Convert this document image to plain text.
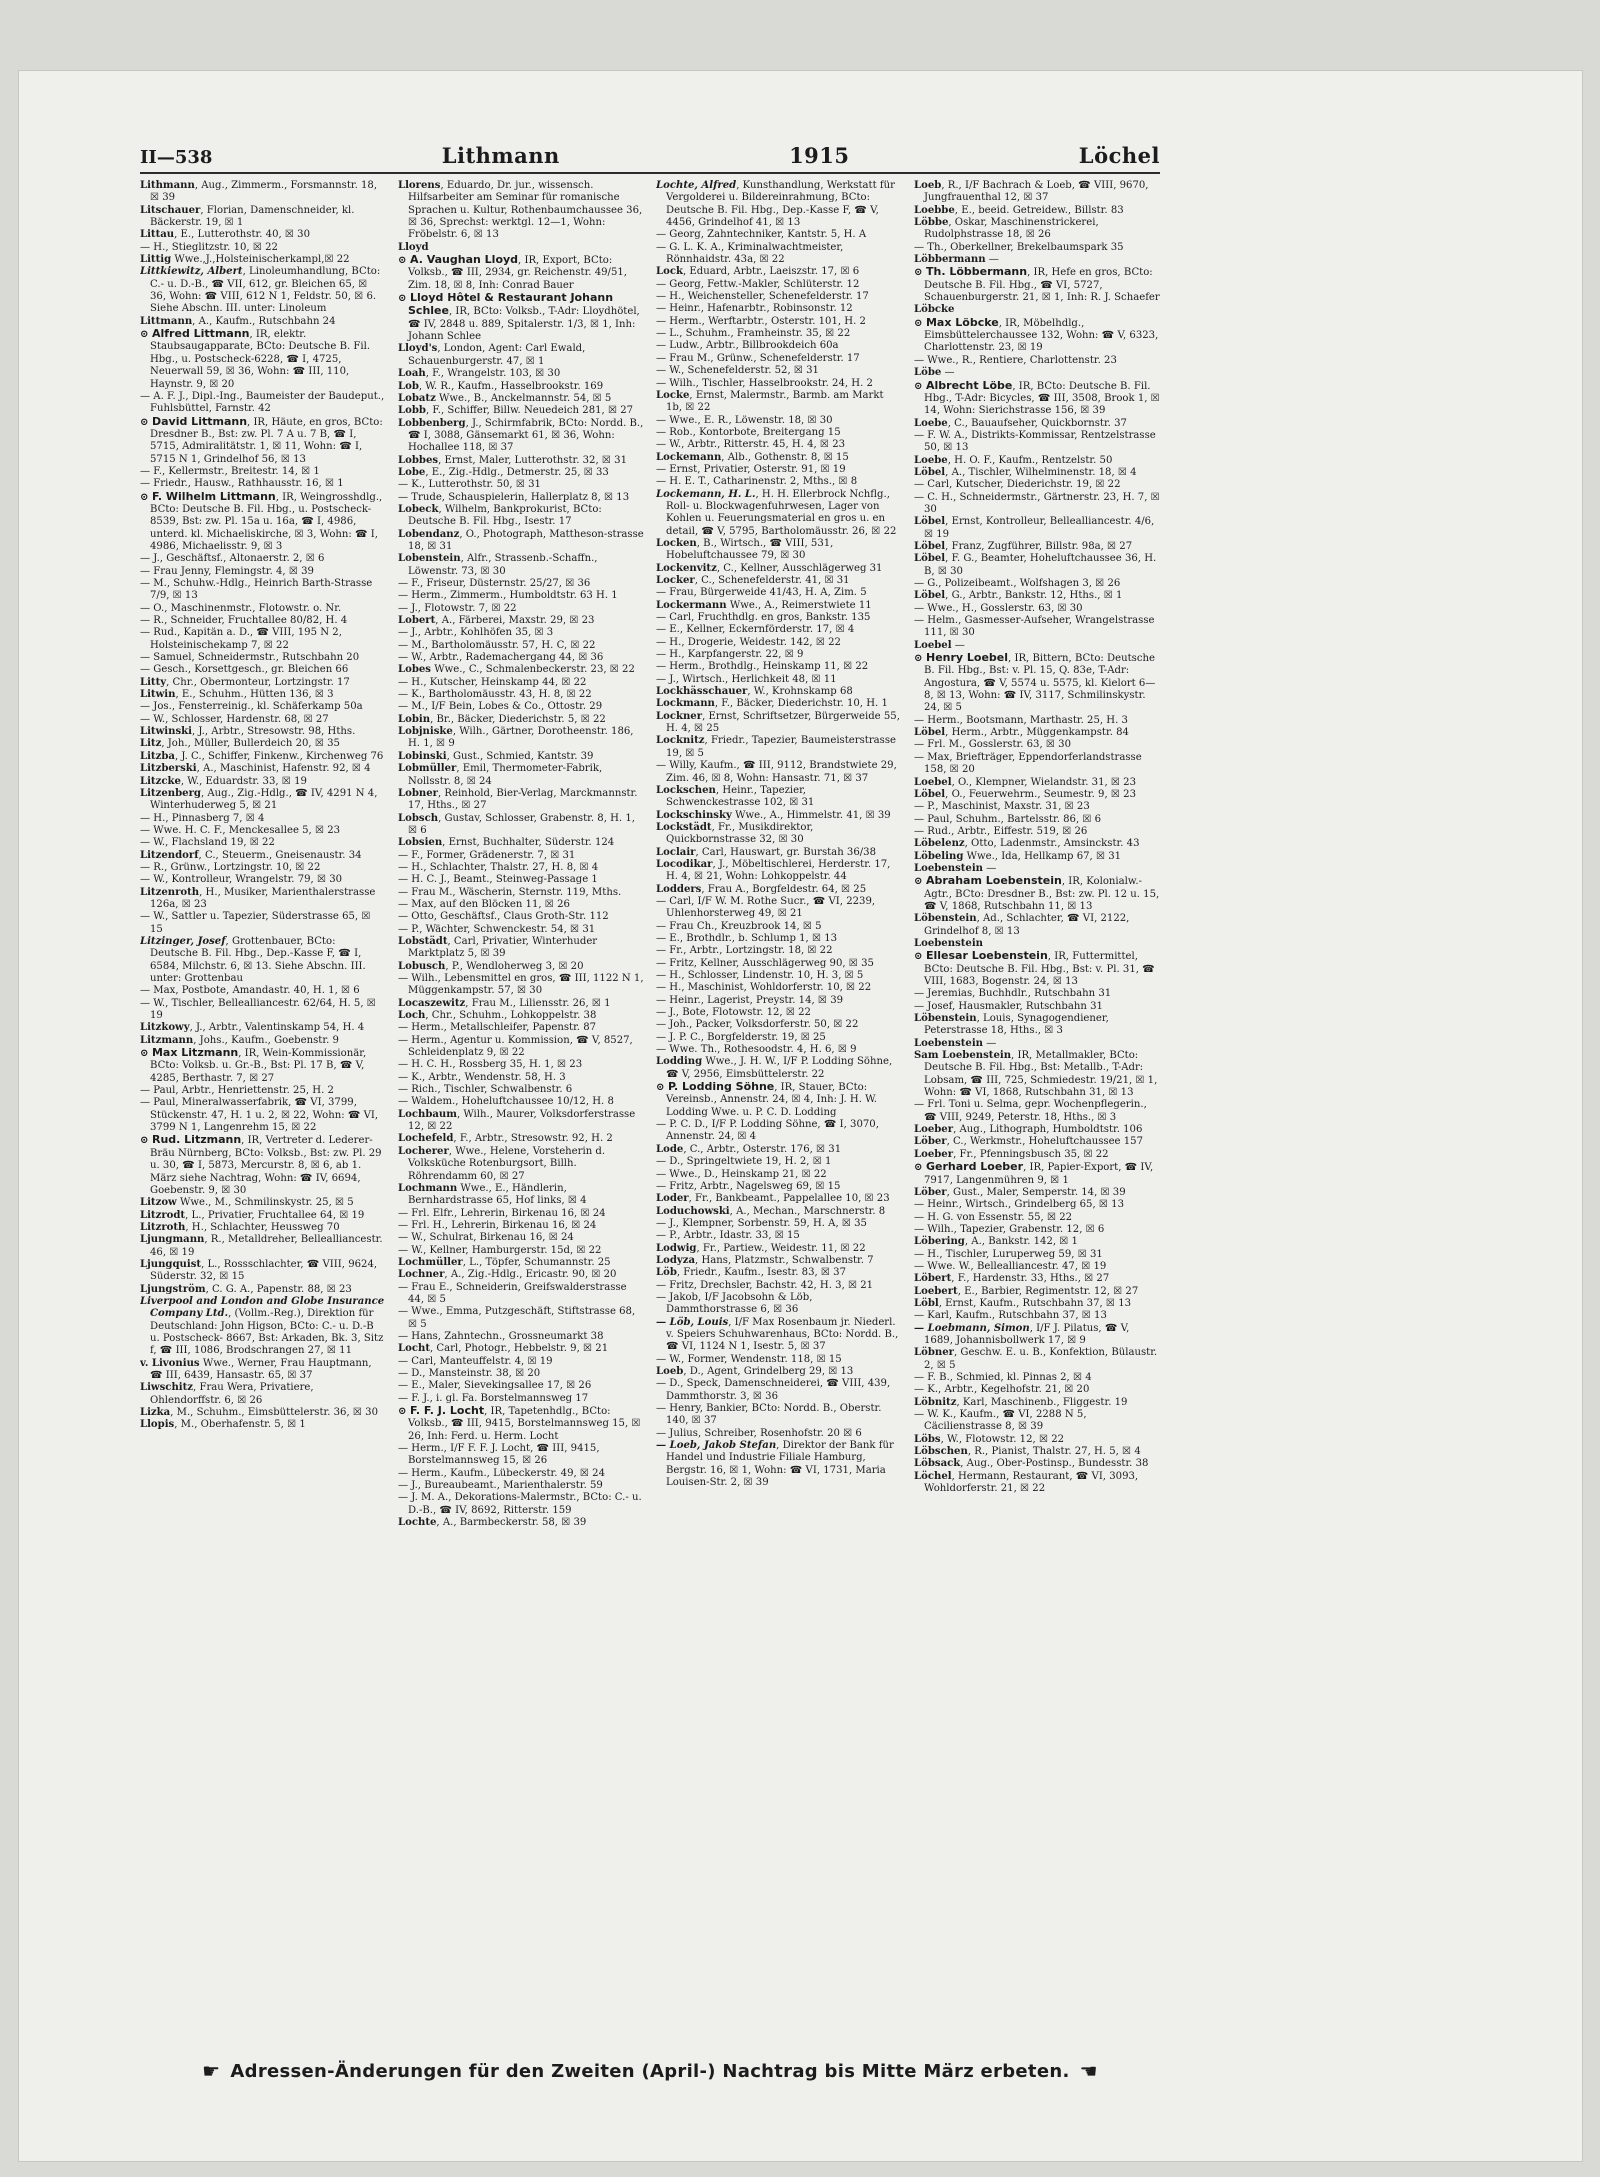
II—538	Lithmann	1915	Löchel

Lithmann, Aug., Zimmerm., Forsmannstr. 18, ☒ 39

Litschauer, Florian, Damenschneider, kl. Bäckerstr. 19, ☒ 1

Littau, E., Lutterothstr. 40, ☒ 30

— H., Stieglitzstr. 10, ☒ 22

Littig Wwe.,J.,Holsteinischerkampl,☒ 22

Littkiewitz, Albert, Linoleumhandlung, BCto: C.- u. D.-B., ☎ VII, 612, gr. Bleichen 65, ☒ 36, Wohn: ☎ VIII, 612 N 1, Feldstr. 50, ☒ 6. Siehe Abschn. III. unter: Linoleum

Littmann, A., Kaufm., Rutschbahn 24

⊙ Alfred Littmann, IR, elektr. Staubsaugapparate, BCto: Deutsche B. Fil. Hbg., u. Postscheck-6228, ☎ I, 4725, Neuerwall 59, ☒ 36, Wohn: ☎ III, 110, Haynstr. 9, ☒ 20

— A. F. J., Dipl.-Ing., Baumeister der Baudeput., Fuhlsbüttel, Farnstr. 42

⊙ David Littmann, IR, Häute, en gros, BCto: Dresdner B., Bst: zw. Pl. 7 A u. 7 B, ☎ I, 5715, Admiralitätstr. 1, ☒ 11, Wohn: ☎ I, 5715 N 1, Grindelhof 56, ☒ 13

— F., Kellermstr., Breitestr. 14, ☒ 1

— Friedr., Hausw., Rathhausstr. 16, ☒ 1

⊙ F. Wilhelm Littmann, IR, Weingrosshdlg., BCto: Deutsche B. Fil. Hbg., u. Postscheck- 8539, Bst: zw. Pl. 15a u. 16a, ☎ I, 4986, unterd. kl. Michaeliskirche, ☒ 3, Wohn: ☎ I, 4986, Michaelisstr. 9, ☒ 3

— J., Geschäftsf., Altonaerstr. 2, ☒ 6

— Frau Jenny, Flemingstr. 4, ☒ 39

— M., Schuhw.-Hdlg., Heinrich Barth-Strasse 7/9, ☒ 13

— O., Maschinenmstr., Flotowstr. o. Nr.

— R., Schneider, Fruchtallee 80/82, H. 4

— Rud., Kapitän a. D., ☎ VIII, 195 N 2, Holsteinischekamp 7, ☒ 22

— Samuel, Schneidermstr., Rutschbahn 20

— Gesch., Korsettgesch., gr. Bleichen 66

Litty, Chr., Obermonteur, Lortzingstr. 17

Litwin, E., Schuhm., Hütten 136, ☒ 3

— Jos., Fensterreinig., kl. Schäferkamp 50a

— W., Schlosser, Hardenstr. 68, ☒ 27

Litwinski, J., Arbtr., Stresowstr. 98, Hths.

Litz, Joh., Müller, Bullerdeich 20, ☒ 35

Litzba, J. C., Schiffer, Finkenw., Kirchenweg 76

Litzberski, A., Maschinist, Hafenstr. 92, ☒ 4

Litzcke, W., Eduardstr. 33, ☒ 19

Litzenberg, Aug., Zig.-Hdlg., ☎ IV, 4291 N 4, Winterhuderweg 5, ☒ 21

— H., Pinnasberg 7, ☒ 4

— Wwe. H. C. F., Menckesallee 5, ☒ 23

— W., Flachsland 19, ☒ 22

Litzendorf, C., Steuerm., Gneisenaustr. 34

— R., Grünw., Lortzingstr. 10, ☒ 22

— W., Kontrolleur, Wrangelstr. 79, ☒ 30

Litzenroth, H., Musiker, Marienthalerstrasse 126a, ☒ 23

— W., Sattler u. Tapezier, Süderstrasse 65, ☒ 15

Litzinger, Josef, Grottenbauer, BCto: Deutsche B. Fil. Hbg., Dep.-Kasse F, ☎ I, 6584, Milchstr. 6, ☒ 13. Siehe Abschn. III. unter: Grottenbau

— Max, Postbote, Amandastr. 40, H. 1, ☒ 6

— W., Tischler, Bellealliancestr. 62/64, H. 5, ☒ 19

Litzkowy, J., Arbtr., Valentinskamp 54, H. 4

Litzmann, Johs., Kaufm., Goebenstr. 9

⊙ Max Litzmann, IR, Wein-Kommissionär, BCto: Volksb. u. Gr.-B., Bst: Pl. 17 B, ☎ V, 4285, Berthastr. 7, ☒ 27

— Paul, Arbtr., Henriettenstr. 25, H. 2

— Paul, Mineralwasserfabrik, ☎ VI, 3799, Stückenstr. 47, H. 1 u. 2, ☒ 22, Wohn: ☎ VI, 3799 N 1, Langenrehm 15, ☒ 22

⊙ Rud. Litzmann, IR, Vertreter d. Lederer-Bräu Nürnberg, BCto: Volksb., Bst: zw. Pl. 29 u. 30, ☎ I, 5873, Mercurstr. 8, ☒ 6, ab 1. März siehe Nachtrag, Wohn: ☎ IV, 6694, Goebenstr. 9, ☒ 30

Litzow Wwe., M., Schmilinskystr. 25, ☒ 5

Litzrodt, L., Privatier, Fruchtallee 64, ☒ 19

Litzroth, H., Schlachter, Heussweg 70

Ljungmann, R., Metalldreher, Bellealliancestr. 46, ☒ 19

Ljungquist, L., Rossschlachter, ☎ VIII, 9624, Süderstr. 32, ☒ 15

Ljungström, C. G. A., Papenstr. 88, ☒ 23

Liverpool and London and Globe Insurance Company Ltd., (Vollm.-Reg.), Direktion für Deutschland: John Higson, BCto: C.- u. D.-B u. Postscheck- 8667, Bst: Arkaden, Bk. 3, Sitz f, ☎ III, 1086, Brodschrangen 27, ☒ 11

v. Livonius Wwe., Werner, Frau Hauptmann, ☎ III, 6439, Hansastr. 65, ☒ 37

Liwschitz, Frau Wera, Privatiere, Ohlendorffstr. 6, ☒ 26

Lizka, M., Schuhm., Eimsbüttelerstr. 36, ☒ 30

Llopis, M., Oberhafenstr. 5, ☒ 1

Llorens, Eduardo, Dr. jur., wissensch. Hilfsarbeiter am Seminar für romanische Sprachen u. Kultur, Rothenbaumchaussee 36, ☒ 36, Sprechst: werktgl. 12—1, Wohn: Fröbelstr. 6, ☒ 13

Lloyd

⊙ A. Vaughan Lloyd, IR, Export, BCto: Volksb., ☎ III, 2934, gr. Reichenstr. 49/51, Zim. 18, ☒ 8, Inh: Conrad Bauer

⊙ Lloyd Hôtel & Restaurant Johann Schlee, IR, BCto: Volksb., T-Adr: Lloydhötel, ☎ IV, 2848 u. 889, Spitalerstr. 1/3, ☒ 1, Inh: Johann Schlee

Lloyd's, London, Agent: Carl Ewald, Schauenburgerstr. 47, ☒ 1

Loah, F., Wrangelstr. 103, ☒ 30

Lob, W. R., Kaufm., Hasselbrookstr. 169

Lobatz Wwe., B., Anckelmannstr. 54, ☒ 5

Lobb, F., Schiffer, Billw. Neuedeich 281, ☒ 27

Lobbenberg, J., Schirmfabrik, BCto: Nordd. B., ☎ I, 3088, Gänsemarkt 61, ☒ 36, Wohn: Hochallee 118, ☒ 37

Lobbes, Ernst, Maler, Lutterothstr. 32, ☒ 31

Lobe, E., Zig.-Hdlg., Detmerstr. 25, ☒ 33

— K., Lutterothstr. 50, ☒ 31

— Trude, Schauspielerin, Hallerplatz 8, ☒ 13

Lobeck, Wilhelm, Bankprokurist, BCto: Deutsche B. Fil. Hbg., Isestr. 17

Lobendanz, O., Photograph, Mattheson-strasse 18, ☒ 31

Lobenstein, Alfr., Strassenb.-Schaffn., Löwenstr. 73, ☒ 30

— F., Friseur, Düsternstr. 25/27, ☒ 36

— Herm., Zimmerm., Humboldtstr. 63 H. 1

— J., Flotowstr. 7, ☒ 22

Lobert, A., Färberei, Maxstr. 29, ☒ 23

— J., Arbtr., Kohlhöfen 35, ☒ 3

— M., Bartholomäusstr. 57, H. C, ☒ 22

— W., Arbtr., Rademachergang 44, ☒ 36

Lobes Wwe., C., Schmalenbeckerstr. 23, ☒ 22

— H., Kutscher, Heinskamp 44, ☒ 22

— K., Bartholomäusstr. 43, H. 8, ☒ 22

— M., I/F Bein, Lobes & Co., Ottostr. 29

Lobin, Br., Bäcker, Diederichstr. 5, ☒ 22

Lobjniske, Wilh., Gärtner, Dorotheenstr. 186, H. 1, ☒ 9

Lobinski, Gust., Schmied, Kantstr. 39

Lobmüller, Emil, Thermometer-Fabrik, Nollsstr. 8, ☒ 24

Lobner, Reinhold, Bier-Verlag, Marckmannstr. 17, Hths., ☒ 27

Lobsch, Gustav, Schlosser, Grabenstr. 8, H. 1, ☒ 6

Lobsien, Ernst, Buchhalter, Süderstr. 124

— F., Former, Grädenerstr. 7, ☒ 31

— H., Schlachter, Thalstr. 27, H. 8, ☒ 4

— H. C. J., Beamt., Steinweg-Passage 1

— Frau M., Wäscherin, Sternstr. 119, Mths.

— Max, auf den Blöcken 11, ☒ 26

— Otto, Geschäftsf., Claus Groth-Str. 112

— P., Wächter, Schwenckestr. 54, ☒ 31

Lobstädt, Carl, Privatier, Winterhuder Marktplatz 5, ☒ 39

Lobusch, P., Wendloherweg 3, ☒ 20

— Wilh., Lebensmittel en gros, ☎ III, 1122 N 1, Müggenkampstr. 57, ☒ 30

Locaszewitz, Frau M., Liliensstr. 26, ☒ 1

Loch, Chr., Schuhm., Lohkoppelstr. 38

— Herm., Metallschleifer, Papenstr. 87

— Herm., Agentur u. Kommission, ☎ V, 8527, Schleidenplatz 9, ☒ 22

— H. C. H., Rossberg 35, H. 1, ☒ 23

— K., Arbtr., Wendenstr. 58, H. 3

— Rich., Tischler, Schwalbenstr. 6

— Waldem., Hoheluftchaussee 10/12, H. 8

Lochbaum, Wilh., Maurer, Volksdorferstrasse 12, ☒ 22

Lochefeld, F., Arbtr., Stresowstr. 92, H. 2

Locherer, Wwe., Helene, Vorsteherin d. Volksküche Rotenburgsort, Billh. Röhrendamm 60, ☒ 27

Lochmann Wwe., E., Händlerin, Bernhardstrasse 65, Hof links, ☒ 4

— Frl. Elfr., Lehrerin, Birkenau 16, ☒ 24

— Frl. H., Lehrerin, Birkenau 16, ☒ 24

— W., Schulrat, Birkenau 16, ☒ 24

— W., Kellner, Hamburgerstr. 15d, ☒ 22

Lochmüller, L., Töpfer, Schumannstr. 25

Lochner, A., Zig.-Hdlg., Ericastr. 90, ☒ 20

— Frau E., Schneiderin, Greifswalderstrasse 44, ☒ 5

— Wwe., Emma, Putzgeschäft, Stiftstrasse 68, ☒ 5

— Hans, Zahntechn., Grossneumarkt 38

Locht, Carl, Photogr., Hebbelstr. 9, ☒ 21

— Carl, Manteuffelstr. 4, ☒ 19

— D., Mansteinstr. 38, ☒ 20

— E., Maler, Sievekingsallee 17, ☒ 26

— F. J., i. gl. Fa. Borstelmannsweg 17

⊙ F. F. J. Locht, IR, Tapetenhdlg., BCto: Volksb., ☎ III, 9415, Borstelmannsweg 15, ☒ 26, Inh: Ferd. u. Herm. Locht

— Herm., I/F F. F. J. Locht, ☎ III, 9415, Borstelmannsweg 15, ☒ 26

— Herm., Kaufm., Lübeckerstr. 49, ☒ 24

— J., Bureaubeamt., Marienthalerstr. 59

— J. M. A., Dekorations-Malermstr., BCto: C.- u. D.-B., ☎ IV, 8692, Ritterstr. 159

Lochte, A., Barmbeckerstr. 58, ☒ 39

Lochte, Alfred, Kunsthandlung, Werkstatt für Vergolderei u. Bildereinrahmung, BCto: Deutsche B. Fil. Hbg., Dep.-Kasse F, ☎ V, 4456, Grindelhof 41, ☒ 13

— Georg, Zahntechniker, Kantstr. 5, H. A

— G. L. K. A., Kriminalwachtmeister, Rönnhaidstr. 43a, ☒ 22

Lock, Eduard, Arbtr., Laeiszstr. 17, ☒ 6

— Georg, Fettw.-Makler, Schlüterstr. 12

— H., Weichensteller, Schenefelderstr. 17

— Heinr., Hafenarbtr., Robinsonstr. 12

— Herm., Werftarbtr., Osterstr. 101, H. 2

— L., Schuhm., Framheinstr. 35, ☒ 22

— Ludw., Arbtr., Billbrookdeich 60a

— Frau M., Grünw., Schenefelderstr. 17

— W., Schenefelderstr. 52, ☒ 31

— Wilh., Tischler, Hasselbrookstr. 24, H. 2

Locke, Ernst, Malermstr., Barmb. am Markt 1b, ☒ 22

— Wwe., E. R., Löwenstr. 18, ☒ 30

— Rob., Kontorbote, Breitergang 15

— W., Arbtr., Ritterstr. 45, H. 4, ☒ 23

Lockemann, Alb., Gothenstr. 8, ☒ 15

— Ernst, Privatier, Osterstr. 91, ☒ 19

— H. E. T., Catharinenstr. 2, Mths., ☒ 8

Lockemann, H. L., H. H. Ellerbrock Nchflg., Roll- u. Blockwagenfuhrwesen, Lager von Kohlen u. Feuerungsmaterial en gros u. en detail, ☎ V, 5795, Bartholomäusstr. 26, ☒ 22

Locken, B., Wirtsch., ☎ VIII, 531, Hobeluftchaussee 79, ☒ 30

Lockenvitz, C., Kellner, Ausschlägerweg 31

Locker, C., Schenefelderstr. 41, ☒ 31

— Frau, Bürgerweide 41/43, H. A, Zim. 5

Lockermann Wwe., A., Reimerstwiete 11

— Carl, Fruchthdlg. en gros, Bankstr. 135

— E., Kellner, Eckernförderstr. 17, ☒ 4

— H., Drogerie, Weidestr. 142, ☒ 22

— H., Karpfangerstr. 22, ☒ 9

— Herm., Brothdlg., Heinskamp 11, ☒ 22

— J., Wirtsch., Herlichkeit 48, ☒ 11

Lockhässchauer, W., Krohnskamp 68

Lockmann, F., Bäcker, Diederichstr. 10, H. 1

Lockner, Ernst, Schriftsetzer, Bürgerweide 55, H. 4, ☒ 25

Locknitz, Friedr., Tapezier, Baumeisterstrasse 19, ☒ 5

— Willy, Kaufm., ☎ III, 9112, Brandstwiete 29, Zim. 46, ☒ 8, Wohn: Hansastr. 71, ☒ 37

Lockschen, Heinr., Tapezier, Schwenckestrasse 102, ☒ 31

Lockschinsky Wwe., A., Himmelstr. 41, ☒ 39

Lockstädt, Fr., Musikdirektor, Quickbornstrasse 32, ☒ 30

Loclair, Carl, Hauswart, gr. Burstah 36/38

Locodikar, J., Möbeltischlerei, Herderstr. 17, H. 4, ☒ 21, Wohn: Lohkoppelstr. 44

Lodders, Frau A., Borgfeldestr. 64, ☒ 25

— Carl, I/F W. M. Rothe Sucr., ☎ VI, 2239, Uhlenhorsterweg 49, ☒ 21

— Frau Ch., Kreuzbrook 14, ☒ 5

— E., Brothdlr., b. Schlump 1, ☒ 13

— Fr., Arbtr., Lortzingstr. 18, ☒ 22

— Fritz, Kellner, Ausschlägerweg 90, ☒ 35

— H., Schlosser, Lindenstr. 10, H. 3, ☒ 5

— H., Maschinist, Wohldorferstr. 10, ☒ 22

— Heinr., Lagerist, Preystr. 14, ☒ 39

— J., Bote, Flotowstr. 12, ☒ 22

— Joh., Packer, Volksdorferstr. 50, ☒ 22

— J. P. C., Borgfelderstr. 19, ☒ 25

— Wwe. Th., Rothesoodstr. 4, H. 6, ☒ 9

Lodding Wwe., J. H. W., I/F P. Lodding Söhne, ☎ V, 2956, Eimsbüttelerstr. 22

⊙ P. Lodding Söhne, IR, Stauer, BCto: Vereinsb., Annenstr. 24, ☒ 4, Inh: J. H. W. Lodding Wwe. u. P. C. D. Lodding

— P. C. D., I/F P. Lodding Söhne, ☎ I, 3070, Annenstr. 24, ☒ 4

Lode, C., Arbtr., Osterstr. 176, ☒ 31

— D., Springeltwiete 19, H. 2, ☒ 1

— Wwe., D., Heinskamp 21, ☒ 22

— Fritz, Arbtr., Nagelsweg 69, ☒ 15

Loder, Fr., Bankbeamt., Pappelallee 10, ☒ 23

Loduchowski, A., Mechan., Marschnerstr. 8

— J., Klempner, Sorbenstr. 59, H. A, ☒ 35

— P., Arbtr., Idastr. 33, ☒ 15

Lodwig, Fr., Partiew., Weidestr. 11, ☒ 22

Lodyza, Hans, Platzmstr., Schwalbenstr. 7

Löb, Friedr., Kaufm., Isestr. 83, ☒ 37

— Fritz, Drechsler, Bachstr. 42, H. 3, ☒ 21

— Jakob, I/F Jacobsohn & Löb, Dammthorstrasse 6, ☒ 36

— Löb, Louis, I/F Max Rosenbaum jr. Niederl. v. Speiers Schuhwarenhaus, BCto: Nordd. B., ☎ VI, 1124 N 1, Isestr. 5, ☒ 37

— W., Former, Wendenstr. 118, ☒ 15

Loeb, D., Agent, Grindelberg 29, ☒ 13

— D., Speck, Damenschneiderei, ☎ VIII, 439, Dammthorstr. 3, ☒ 36

— Henry, Bankier, BCto: Nordd. B., Oberstr. 140, ☒ 37

— Julius, Schreiber, Rosenhofstr. 20 ☒ 6

— Loeb, Jakob Stefan, Direktor der Bank für Handel und Industrie Filiale Hamburg, Bergstr. 16, ☒ 1, Wohn: ☎ VI, 1731, Maria Louisen-Str. 2, ☒ 39

Loeb, R., I/F Bachrach & Loeb, ☎ VIII, 9670, Jungfrauenthal 12, ☒ 37

Loebbe, E., beeid. Getreidew., Billstr. 83

Löbbe, Oskar, Maschinenstrickerei, Rudolphstrasse 18, ☒ 26

— Th., Oberkellner, Brekelbaumspark 35

Löbbermann —

⊙ Th. Löbbermann, IR, Hefe en gros, BCto: Deutsche B. Fil. Hbg., ☎ VI, 5727, Schauenburgerstr. 21, ☒ 1, Inh: R. J. Schaefer

Löbcke

⊙ Max Löbcke, IR, Möbelhdlg., Eimsbüttelerchaussee 132, Wohn: ☎ V, 6323, Charlottenstr. 23, ☒ 19

— Wwe., R., Rentiere, Charlottenstr. 23

Löbe —

⊙ Albrecht Löbe, IR, BCto: Deutsche B. Fil. Hbg., T-Adr: Bicycles, ☎ III, 3508, Brook 1, ☒ 14, Wohn: Sierichstrasse 156, ☒ 39

Loebe, C., Bauaufseher, Quickbornstr. 37

— F. W. A., Distrikts-Kommissar, Rentzelstrasse 50, ☒ 13

Loebe, H. O. F., Kaufm., Rentzelstr. 50

Löbel, A., Tischler, Wilhelminenstr. 18, ☒ 4

— Carl, Kutscher, Diederichstr. 19, ☒ 22

— C. H., Schneidermstr., Gärtnerstr. 23, H. 7, ☒ 30

Löbel, Ernst, Kontrolleur, Bellealliancestr. 4/6, ☒ 19

Löbel, Franz, Zugführer, Billstr. 98a, ☒ 27

Löbel, F. G., Beamter, Hoheluftchaussee 36, H. B, ☒ 30

— G., Polizeibeamt., Wolfshagen 3, ☒ 26

Löbel, G., Arbtr., Bankstr. 12, Hths., ☒ 1

— Wwe., H., Gosslerstr. 63, ☒ 30

— Helm., Gasmesser-Aufseher, Wrangelstrasse 111, ☒ 30

Loebel —

⊙ Henry Loebel, IR, Bittern, BCto: Deutsche B. Fil. Hbg., Bst: v. Pl. 15, Q. 83e, T-Adr: Angostura, ☎ V, 5574 u. 5575, kl. Kielort 6—8, ☒ 13, Wohn: ☎ IV, 3117, Schmilinskystr. 24, ☒ 5

— Herm., Bootsmann, Marthastr. 25, H. 3

Löbel, Herm., Arbtr., Müggenkampstr. 84

— Frl. M., Gosslerstr. 63, ☒ 30

— Max, Briefträger, Eppendorferlandstrasse 158, ☒ 20

Loebel, O., Klempner, Wielandstr. 31, ☒ 23

Löbel, O., Feuerwehrm., Seumestr. 9, ☒ 23

— P., Maschinist, Maxstr. 31, ☒ 23

— Paul, Schuhm., Bartelsstr. 86, ☒ 6

— Rud., Arbtr., Eiffestr. 519, ☒ 26

Löbelenz, Otto, Ladenmstr., Amsinckstr. 43

Löbeling Wwe., Ida, Hellkamp 67, ☒ 31

Loebenstein —

⊙ Abraham Loebenstein, IR, Kolonialw.-Agtr., BCto: Dresdner B., Bst: zw. Pl. 12 u. 15, ☎ V, 1868, Rutschbahn 11, ☒ 13

Löbenstein, Ad., Schlachter, ☎ VI, 2122, Grindelhof 8, ☒ 13

Loebenstein

⊙ Ellesar Loebenstein, IR, Futtermittel, BCto: Deutsche B. Fil. Hbg., Bst: v. Pl. 31, ☎ VIII, 1683, Bogenstr. 24, ☒ 13

— Jeremias, Buchhdlr., Rutschbahn 31

— Josef, Hausmakler, Rutschbahn 31

Löbenstein, Louis, Synagogendiener, Peterstrasse 18, Hths., ☒ 3

Loebenstein —

Sam Loebenstein, IR, Metallmakler, BCto: Deutsche B. Fil. Hbg., Bst: Metallb., T-Adr: Lobsam, ☎ III, 725, Schmiedestr. 19/21, ☒ 1, Wohn: ☎ VI, 1868, Rutschbahn 31, ☒ 13

— Frl. Toni u. Selma, gepr. Wochenpflegerin., ☎ VIII, 9249, Peterstr. 18, Hths., ☒ 3

Loeber, Aug., Lithograph, Humboldtstr. 106

Löber, C., Werkmstr., Hoheluftchaussee 157

Loeber, Fr., Pfenningsbusch 35, ☒ 22

⊙ Gerhard Loeber, IR, Papier-Export, ☎ IV, 7917, Langenmühren 9, ☒ 1

Löber, Gust., Maler, Semperstr. 14, ☒ 39

— Heinr., Wirtsch., Grindelberg 65, ☒ 13

— H. G. von Essenstr. 55, ☒ 22

— Wilh., Tapezier, Grabenstr. 12, ☒ 6

Löbering, A., Bankstr. 142, ☒ 1

— H., Tischler, Luruperweg 59, ☒ 31

— Wwe. W., Bellealliancestr. 47, ☒ 19

Löbert, F., Hardenstr. 33, Hths., ☒ 27

Loebert, E., Barbier, Regimentstr. 12, ☒ 27

Löbl, Ernst, Kaufm., Rutschbahn 37, ☒ 13

— Karl, Kaufm., Rutschbahn 37, ☒ 13

— Loebmann, Simon, I/F J. Pilatus, ☎ V, 1689, Johannisbollwerk 17, ☒ 9

Löbner, Geschw. E. u. B., Konfektion, Bülaustr. 2, ☒ 5

— F. B., Schmied, kl. Pinnas 2, ☒ 4

— K., Arbtr., Kegelhofstr. 21, ☒ 20

Löbnitz, Karl, Maschinenb., Fliggestr. 19

— W. K., Kaufm., ☎ VI, 2288 N 5, Cäcilienstrasse 8, ☒ 39

Löbs, W., Flotowstr. 12, ☒ 22

Löbschen, R., Pianist, Thalstr. 27, H. 5, ☒ 4

Löbsack, Aug., Ober-Postinsp., Bundesstr. 38

Löchel, Hermann, Restaurant, ☎ VI, 3093, Wohldorferstr. 21, ☒ 22

☛ Adressen-Änderungen für den Zweiten (April-) Nachtrag bis Mitte März erbeten. ☚
